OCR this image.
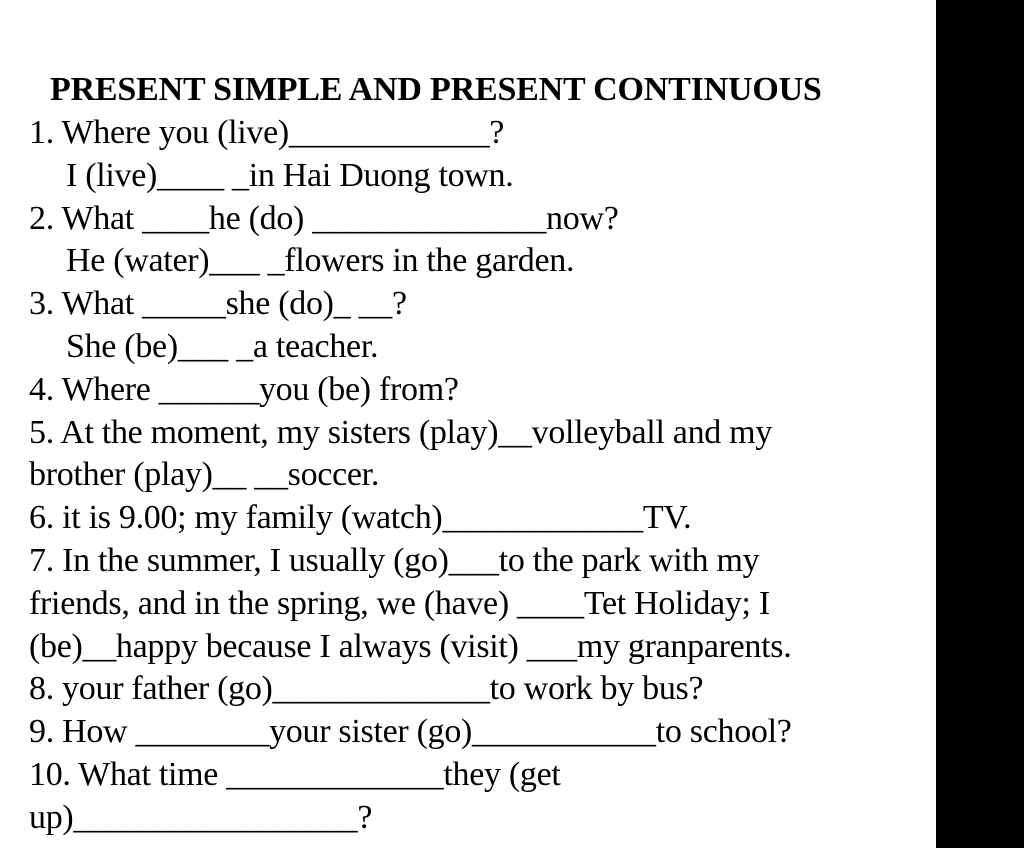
PRESENT SIMPLE AND PRESENT CONTINUOUS
1. Where you (live)____________?
I (live)____ _in Hai Duong town.
2. What ____he (do) ______________now?
He (water)___ _flowers in the garden.
3. What _____she (do)_ __?
She (be)___ _a teacher.
4. Where ______you (be) from?
5. At the moment, my sisters (play)__volleyball and my
brother (play)__ __soccer.
6. it is 9.00; my family (watch)____________TV.
7. In the summer, I usually (go)___to the park with my
friends, and in the spring, we (have) ____Tet Holiday; I
(be)__happy because I always (visit) ___my granparents.
8. your father (go)_____________to work by bus?
9. How ________your sister (go)___________to school?
10. What time _____________they (get
up)_________________?
